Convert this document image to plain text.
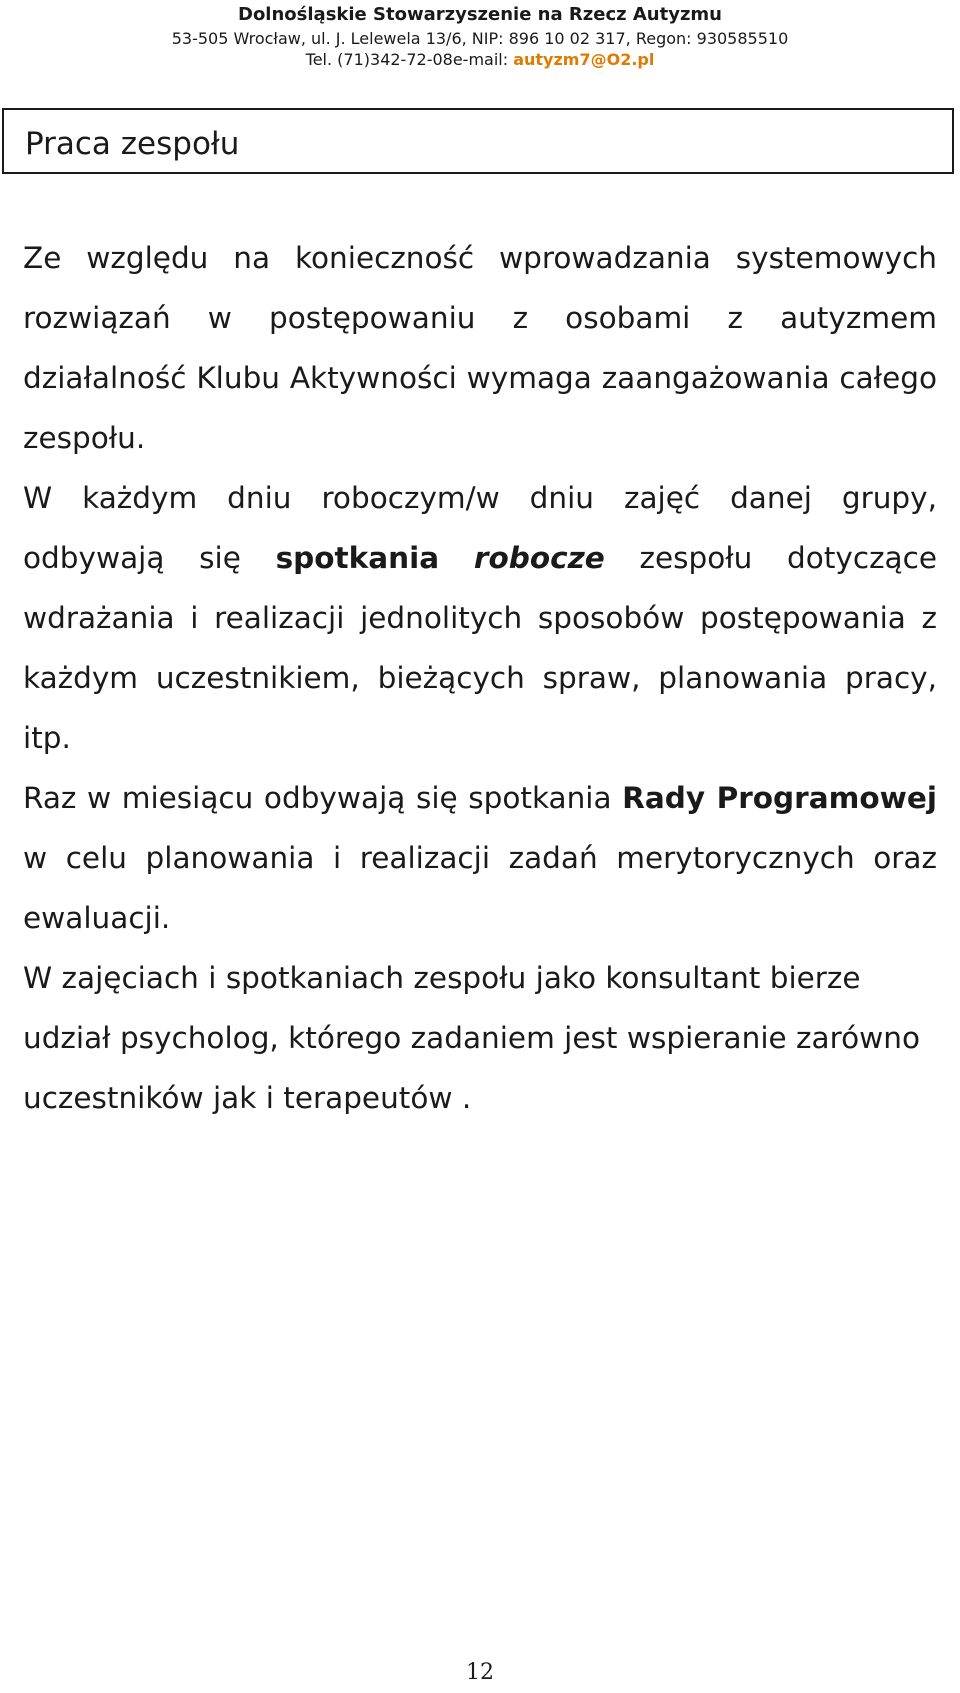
Dolnośląskie Stowarzyszenie na Rzecz Autyzmu
53-505 Wrocław, ul. J. Lelewela 13/6, NIP: 896 10 02 317, Regon: 930585510
Tel. (71)342-72-08e-mail: autyzm7@O2.pl
Praca zespołu

Ze względu na konieczność wprowadzania systemowych rozwiązań w postępowaniu z osobami z autyzmem działalność Klubu Aktywności wymaga zaangażowania całego zespołu.

W każdym dniu roboczym/w dniu zajęć danej grupy, odbywają się spotkania robocze zespołu dotyczące wdrażania i realizacji jednolitych sposobów postępowania z każdym uczestnikiem, bieżących spraw, planowania pracy, itp.

Raz w miesiącu odbywają się spotkania Rady Programowej w celu planowania i realizacji zadań merytorycznych oraz ewaluacji.

W zajęciach i spotkaniach zespołu jako konsultant bierze udział psycholog, którego zadaniem jest wspieranie zarówno uczestników jak i terapeutów .

12
